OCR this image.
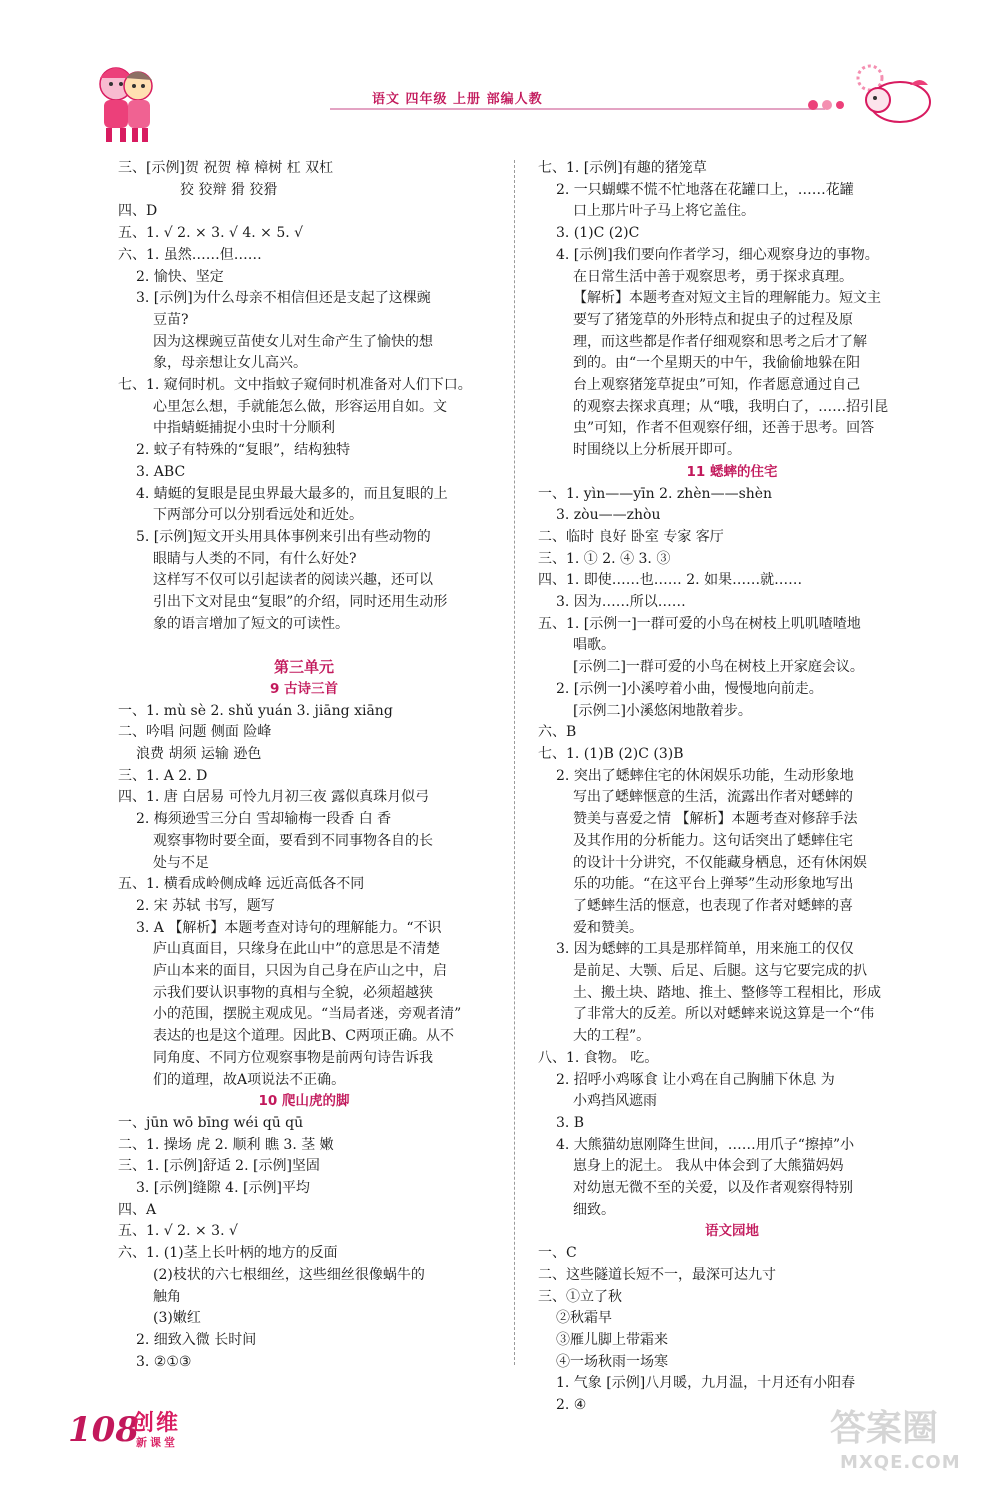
语文 四年级 上册 部编人教
三、[示例]贺 祝贺 樟 樟树 杠 双杠
狡 狡辩 猾 狡猾
四、D
五、1. √ 2. × 3. √ 4. × 5. √
六、1. 虽然……但……
2. 愉快、坚定
3. [示例]为什么母亲不相信但还是支起了这棵豌
豆苗?
因为这棵豌豆苗使女儿对生命产生了愉快的想
象，母亲想让女儿高兴。
七、1. 窥伺时机。文中指蚊子窥伺时机准备对人们下口。
心里怎么想，手就能怎么做，形容运用自如。文
中指蜻蜓捕捉小虫时十分顺利
2. 蚊子有特殊的“复眼”，结构独特
3. ABC
4. 蜻蜓的复眼是昆虫界最大最多的，而且复眼的上
下两部分可以分别看远处和近处。
5. [示例]短文开头用具体事例来引出有些动物的
眼睛与人类的不同，有什么好处?
这样写不仅可以引起读者的阅读兴趣，还可以
引出下文对昆虫“复眼”的介绍，同时还用生动形
象的语言增加了短文的可读性。

第三单元
9 古诗三首
一、1. mù sè 2. shǔ yuán 3. jiāng xiāng
二、吟唱 问题 侧面 险峰
浪费 胡须 运输 逊色
三、1. A 2. D
四、1. 唐 白居易 可怜九月初三夜 露似真珠月似弓
2. 梅须逊雪三分白 雪却输梅一段香 白 香
观察事物时要全面，要看到不同事物各自的长
处与不足
五、1. 横看成岭侧成峰 远近高低各不同
2. 宋 苏轼 书写，题写
3. A 【解析】本题考查对诗句的理解能力。“不识
庐山真面目，只缘身在此山中”的意思是不清楚
庐山本来的面目，只因为自己身在庐山之中，启
示我们要认识事物的真相与全貌，必须超越狭
小的范围，摆脱主观成见。“当局者迷，旁观者清”
表达的也是这个道理。因此B、C两项正确。从不
同角度、不同方位观察事物是前两句诗告诉我
们的道理，故A项说法不正确。
10 爬山虎的脚
一、jūn wō bīng wéi qū qū
二、1. 操场 虎 2. 顺利 瞧 3. 茎 嫩
三、1. [示例]舒适 2. [示例]坚固
3. [示例]缝隙 4. [示例]平均
四、A
五、1. √ 2. × 3. √
六、1. (1)茎上长叶柄的地方的反面
(2)枝状的六七根细丝，这些细丝很像蜗牛的
触角
(3)嫩红
2. 细致入微 长时间
3. ②①③
七、1. [示例]有趣的猪笼草
2. 一只蝴蝶不慌不忙地落在花罐口上，……花罐
口上那片叶子马上将它盖住。
3. (1)C (2)C
4. [示例]我们要向作者学习，细心观察身边的事物。
在日常生活中善于观察思考，勇于探求真理。
【解析】本题考查对短文主旨的理解能力。短文主
要写了猪笼草的外形特点和捉虫子的过程及原
理，而这些都是作者仔细观察和思考之后才了解
到的。由“一个星期天的中午，我偷偷地躲在阳
台上观察猪笼草捉虫”可知，作者愿意通过自己
的观察去探求真理；从“哦，我明白了，……招引昆
虫”可知，作者不但观察仔细，还善于思考。回答
时围绕以上分析展开即可。
11 蟋蟀的住宅
一、1. yìn——yīn 2. zhèn——shèn
3. zòu——zhòu
二、临时 良好 卧室 专家 客厅
三、1. ① 2. ④ 3. ③
四、1. 即使……也…… 2. 如果……就……
3. 因为……所以……
五、1. [示例一]一群可爱的小鸟在树枝上叽叽喳喳地
唱歌。
[示例二]一群可爱的小鸟在树枝上开家庭会议。
2. [示例一]小溪哼着小曲，慢慢地向前走。
[示例二]小溪悠闲地散着步。
六、B
七、1. (1)B (2)C (3)B
2. 突出了蟋蟀住宅的休闲娱乐功能，生动形象地
写出了蟋蟀惬意的生活，流露出作者对蟋蟀的
赞美与喜爱之情 【解析】本题考查对修辞手法
及其作用的分析能力。这句话突出了蟋蟀住宅
的设计十分讲究，不仅能藏身栖息，还有休闲娱
乐的功能。“在这平台上弹琴”生动形象地写出
了蟋蟀生活的惬意，也表现了作者对蟋蟀的喜
爱和赞美。
3. 因为蟋蟀的工具是那样简单，用来施工的仅仅
是前足、大颚、后足、后腿。这与它要完成的扒
土、搬土块、踏地、推土、整修等工程相比，形成
了非常大的反差。所以对蟋蟀来说这算是一个“伟
大的工程”。
八、1. 食物。 吃。
2. 招呼小鸡啄食 让小鸡在自己胸脯下休息 为
小鸡挡风遮雨
3. B
4. 大熊猫幼崽刚降生世间，……用爪子“擦掉”小
崽身上的泥土。 我从中体会到了大熊猫妈妈
对幼崽无微不至的关爱，以及作者观察得特别
细致。
语文园地
一、C
二、这些隧道长短不一，最深可达九寸
三、①立了秋
②秋霜早
③雁儿脚上带霜来
④一场秋雨一场寒
1. 气象 [示例]八月暖，九月温，十月还有小阳春
2. ④
108
创维
新课堂	答案圈
MXQE.COM
